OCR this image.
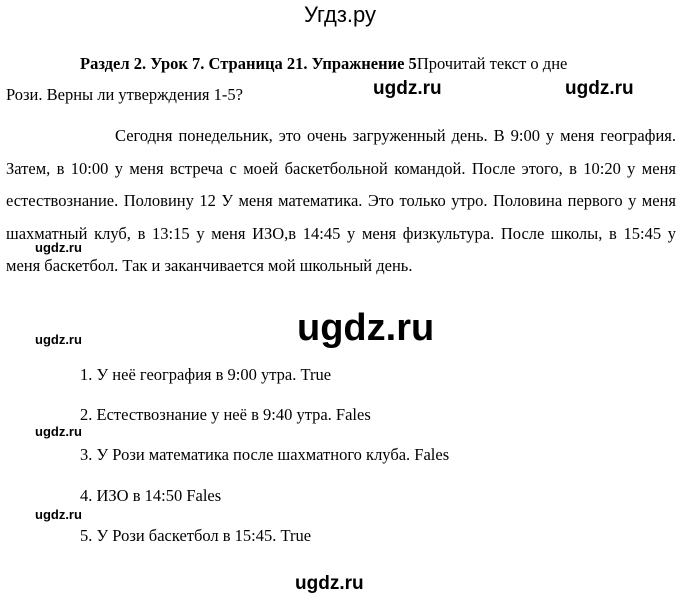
Угдз.ру
Раздел 2. Урок 7. Страница 21. Упражнение 5Прочитай текст о дне
Рози. Верны ли утверждения 1-5?
Сегодня понедельник, это очень загруженный день. В 9:00 у меня география. Затем, в 10:00 у меня встреча с моей баскетбольной командой. После этого, в 10:20 у меня естествознание. Половину 12 У меня математика. Это только утро. Половина первого у меня шахматный клуб, в 13:15 у меня ИЗО,в 14:45 у меня физкультура. После школы, в 15:45 у меня баскетбол. Так и заканчивается мой школьный день.
1. У неё география в 9:00 утра. True
2. Естествознание у неё в 9:40 утра. Fales
3. У Рози математика после шахматного клуба. Fales
4. ИЗО в 14:50 Fales
5. У Рози баскетбол в 15:45. True
ugdz.ru	ugdz.ru
ugdz.ru
ugdz.ru
ugdz.ru
ugdz.ru
ugdz.ru
ugdz.ru
